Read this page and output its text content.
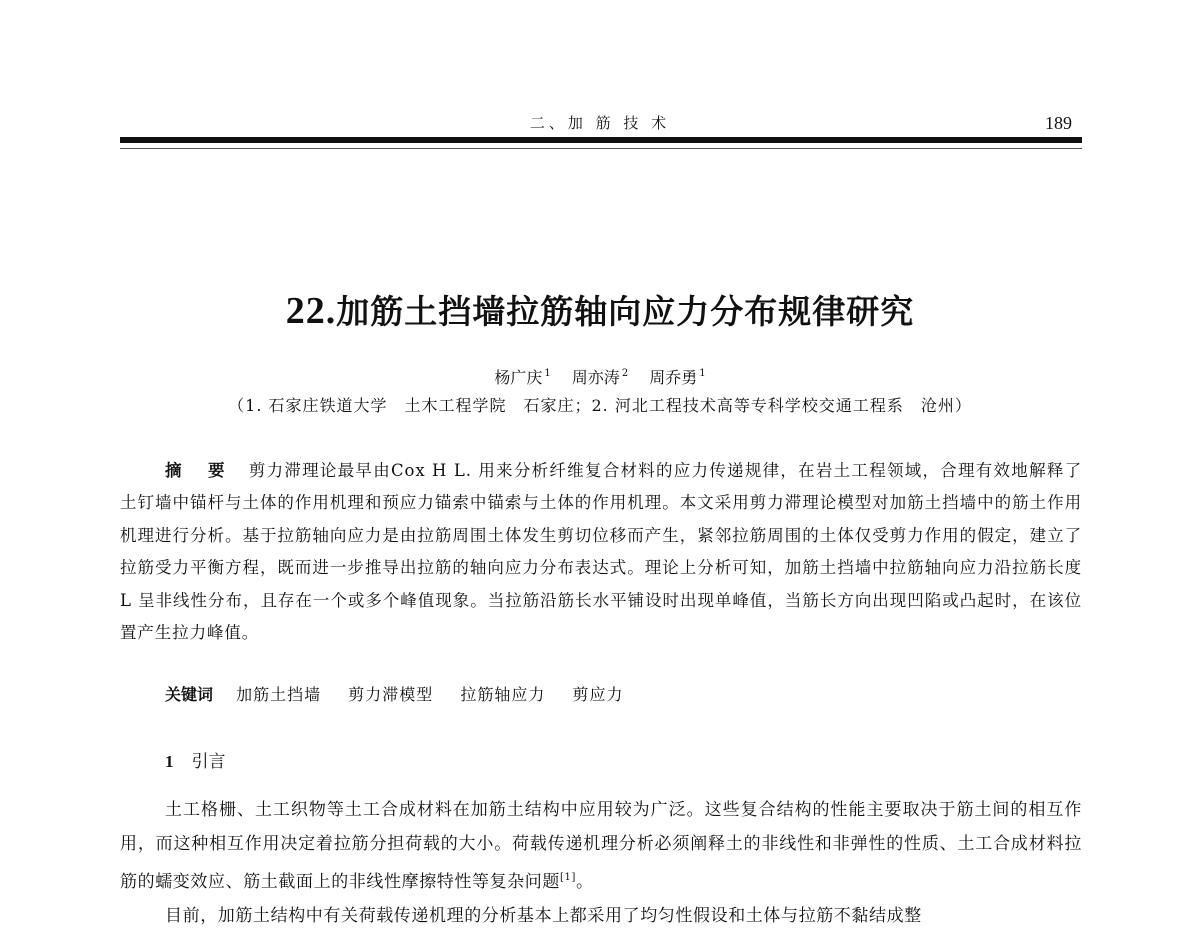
二、加 筋 技 术	189
22.加筋土挡墙拉筋轴向应力分布规律研究
杨广庆 $^1$ 周亦涛 $^2$ 周乔勇 $^1$
（1. 石家庄铁道大学　土木工程学院　石家庄；2. 河北工程技术高等专科学校交通工程系　沧州）
摘 要 剪力滞理论最早由Cox H L. 用来分析纤维复合材料的应力传递规律，在岩土工程领域，合理有效地解释了土钉墙中锚杆与土体的作用机理和预应力锚索中锚索与土体的作用机理。本文采用剪力滞理论模型对加筋土挡墙中的筋土作用机理进行分析。基于拉筋轴向应力是由拉筋周围土体发生剪切位移而产生，紧邻拉筋周围的土体仅受剪力作用的假定，建立了拉筋受力平衡方程，既而进一步推导出拉筋的轴向应力分布表达式。理论上分析可知，加筋土挡墙中拉筋轴向应力沿拉筋长度 L 呈非线性分布，且存在一个或多个峰值现象。当拉筋沿筋长水平铺设时出现单峰值，当筋长方向出现凹陷或凸起时，在该位置产生拉力峰值。
关键词 加筋土挡墙 剪力滞模型 拉筋轴应力 剪应力
1 引言

土工格栅、土工织物等土工合成材料在加筋土结构中应用较为广泛。这些复合结构的性能主要取决于筋土间的相互作用，而这种相互作用决定着拉筋分担荷载的大小。荷载传递机理分析必须阐释土的非线性和非弹性的性质、土工合成材料拉筋的蠕变效应、筋土截面上的非线性摩擦特性等复杂问题[1]。

目前，加筋土结构中有关荷载传递机理的分析基本上都采用了均匀性假设和土体与拉筋不黏结成整
